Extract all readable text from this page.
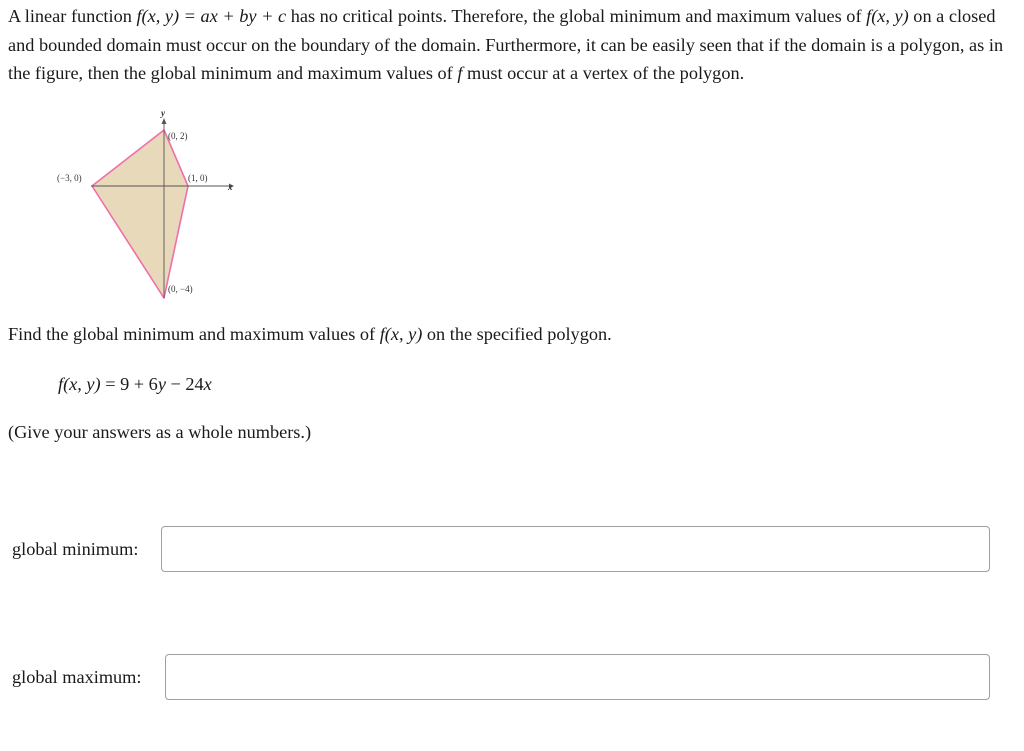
A linear function f(x, y) = ax + by + c has no critical points. Therefore, the global minimum and maximum values of f(x, y) on a closed and bounded domain must occur on the boundary of the domain. Furthermore, it can be easily seen that if the domain is a polygon, as in the figure, then the global minimum and maximum values of f must occur at a vertex of the polygon.

y
x
(0, 2)
(1, 0)
(0, −4)
(−3, 0)

Find the global minimum and maximum values of f(x, y) on the specified polygon.

f(x, y) = 9 + 6y − 24x

(Give your answers as a whole numbers.)

global minimum:
global maximum:
